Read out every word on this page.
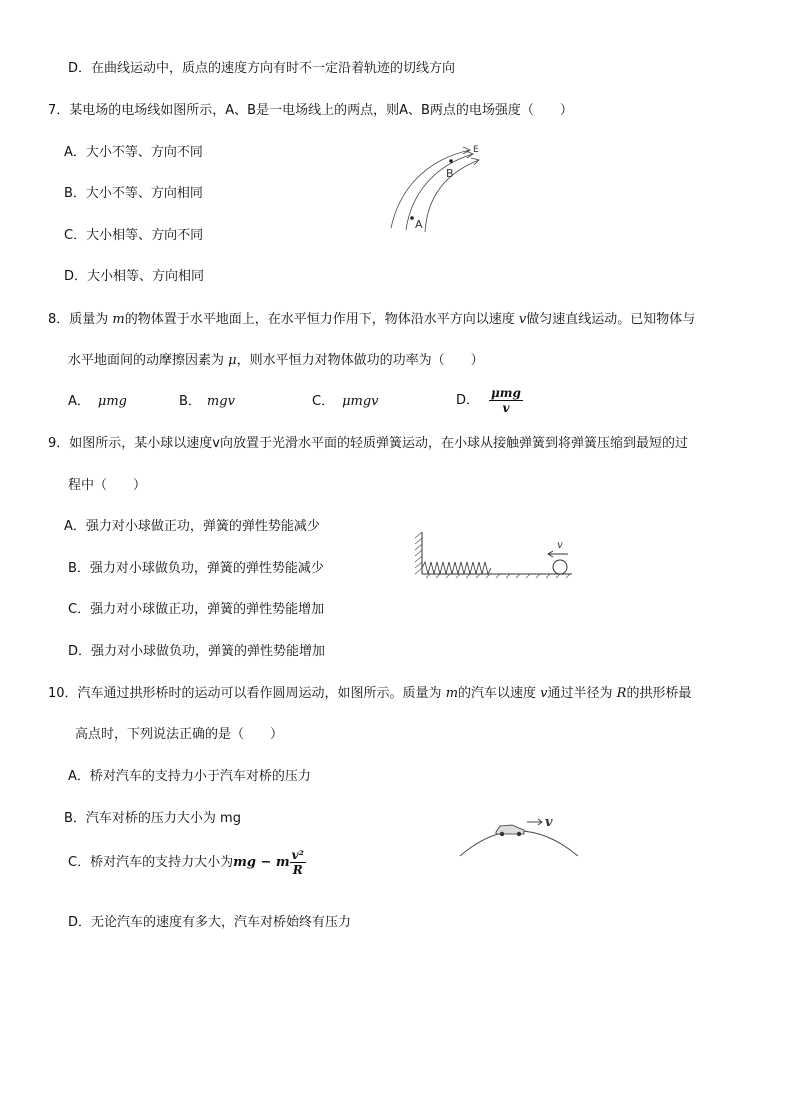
D．在曲线运动中，质点的速度方向有时不一定沿着轨迹的切线方向
7．某电场的电场线如图所示，A、B是一电场线上的两点，则A、B两点的电场强度（　　）
A．大小不等、方向不同
B．大小不等、方向相同
C．大小相等、方向不同
D．大小相等、方向相同
A
B
E
8．质量为 m的物体置于水平地面上，在水平恒力作用下，物体沿水平方向以速度 v做匀速直线运动。已知物体与
水平地面间的动摩擦因素为 μ，则水平恒力对物体做功的功率为（　　）
A． μmg	B． mgv	C． μmgv	D． $\frac{\text{μmg}}{v}$
9．如图所示，某小球以速度v向放置于光滑水平面的轻质弹簧运动，在小球从接触弹簧到将弹簧压缩到最短的过
程中（　　）
A．强力对小球做正功，弹簧的弹性势能减少
B．强力对小球做负功，弹簧的弹性势能减少
C．强力对小球做正功，弹簧的弹性势能增加
D．强力对小球做负功，弹簧的弹性势能增加
v
10．汽车通过拱形桥时的运动可以看作圆周运动，如图所示。质量为 m的汽车以速度 v通过半径为 R的拱形桥最
高点时，下列说法正确的是（　　）
A．桥对汽车的支持力小于汽车对桥的压力
B．汽车对桥的压力大小为 mg
C．桥对汽车的支持力大小为mg − m $\frac{\text{v²}}{R}$
D．无论汽车的速度有多大，汽车对桥始终有压力
v
